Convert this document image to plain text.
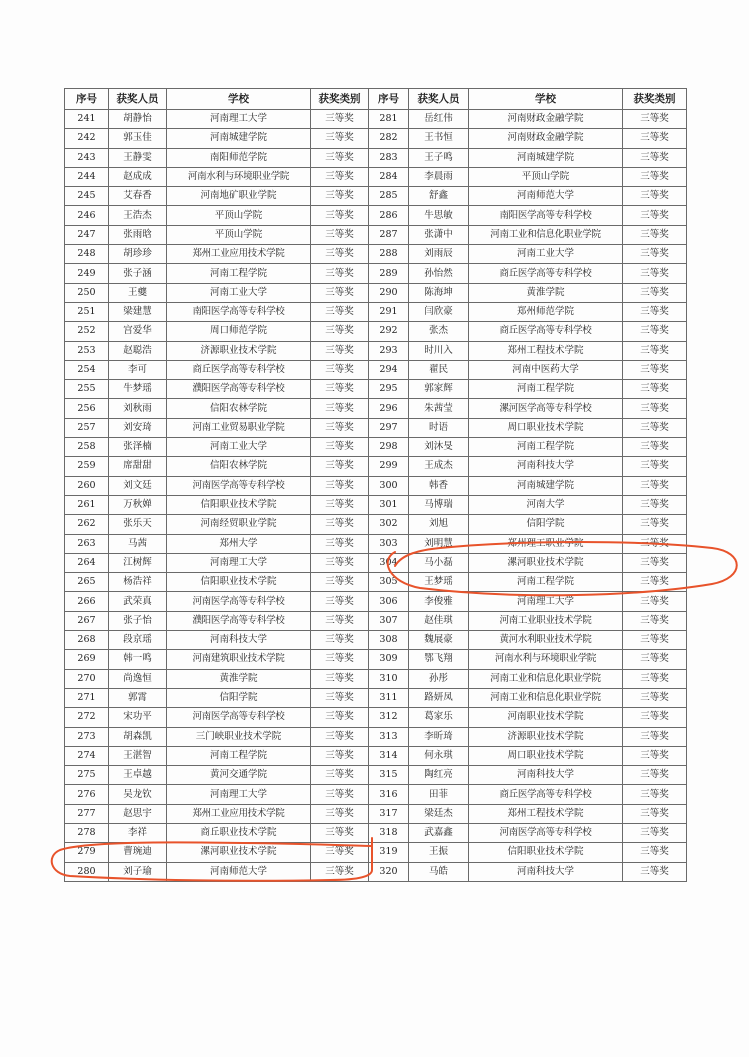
序号	获奖人员	学校	获奖类别	序号	获奖人员	学校	获奖类别
241	胡静怡	河南理工大学	三等奖	281	岳红伟	河南财政金融学院	三等奖
242	郭玉佳	河南城建学院	三等奖	282	王书恒	河南财政金融学院	三等奖
243	王静雯	南阳师范学院	三等奖	283	王子鸣	河南城建学院	三等奖
244	赵成成	河南水利与环境职业学院	三等奖	284	李晨雨	平顶山学院	三等奖
245	艾春香	河南地矿职业学院	三等奖	285	舒鑫	河南师范大学	三等奖
246	王浩杰	平顶山学院	三等奖	286	牛思敏	南阳医学高等专科学校	三等奖
247	张雨晗	平顶山学院	三等奖	287	张潇中	河南工业和信息化职业学院	三等奖
248	胡珍珍	郑州工业应用技术学院	三等奖	288	刘雨辰	河南工业大学	三等奖
249	张子涵	河南工程学院	三等奖	289	孙怡然	商丘医学高等专科学校	三等奖
250	王夔	河南工业大学	三等奖	290	陈海坤	黄淮学院	三等奖
251	梁建慧	南阳医学高等专科学校	三等奖	291	闫欣豪	郑州师范学院	三等奖
252	宫爱华	周口师范学院	三等奖	292	张杰	商丘医学高等专科学校	三等奖
253	赵聪浩	济源职业技术学院	三等奖	293	时川入	郑州工程技术学院	三等奖
254	李可	商丘医学高等专科学校	三等奖	294	翟民	河南中医药大学	三等奖
255	牛梦瑶	濮阳医学高等专科学校	三等奖	295	郭家辉	河南工程学院	三等奖
256	刘秋雨	信阳农林学院	三等奖	296	朱茜莹	漯河医学高等专科学校	三等奖
257	刘安琦	河南工业贸易职业学院	三等奖	297	时语	周口职业技术学院	三等奖
258	张泽楠	河南工业大学	三等奖	298	刘沐旻	河南工程学院	三等奖
259	席甜甜	信阳农林学院	三等奖	299	王成杰	河南科技大学	三等奖
260	刘文廷	河南医学高等专科学校	三等奖	300	韩香	河南城建学院	三等奖
261	万秋婵	信阳职业技术学院	三等奖	301	马博瑞	河南大学	三等奖
262	张乐天	河南经贸职业学院	三等奖	302	刘旭	信阳学院	三等奖
263	马茜	郑州大学	三等奖	303	刘明慧	郑州理工职业学院	三等奖
264	江树辉	河南理工大学	三等奖	304	马小磊	漯河职业技术学院	三等奖
265	杨浩祥	信阳职业技术学院	三等奖	305	王梦瑶	河南工程学院	三等奖
266	武荣真	河南医学高等专科学校	三等奖	306	李俊雅	河南理工大学	三等奖
267	张子怡	濮阳医学高等专科学校	三等奖	307	赵佳琪	河南工业职业技术学院	三等奖
268	段京瑶	河南科技大学	三等奖	308	魏展豪	黄河水利职业技术学院	三等奖
269	韩一鸣	河南建筑职业技术学院	三等奖	309	鄂飞翔	河南水利与环境职业学院	三等奖
270	尚逸恒	黄淮学院	三等奖	310	孙彤	河南工业和信息化职业学院	三等奖
271	郭霄	信阳学院	三等奖	311	路妍凤	河南工业和信息化职业学院	三等奖
272	宋功平	河南医学高等专科学校	三等奖	312	葛家乐	河南职业技术学院	三等奖
273	胡森凯	三门峡职业技术学院	三等奖	313	李昕琦	济源职业技术学院	三等奖
274	王湛智	河南工程学院	三等奖	314	何永琪	周口职业技术学院	三等奖
275	王卓越	黄河交通学院	三等奖	315	陶红亮	河南科技大学	三等奖
276	吴龙钦	河南理工大学	三等奖	316	田菲	商丘医学高等专科学校	三等奖
277	赵思宇	郑州工业应用技术学院	三等奖	317	梁廷杰	郑州工程技术学院	三等奖
278	李祥	商丘职业技术学院	三等奖	318	武嘉鑫	河南医学高等专科学校	三等奖
279	曹琬迪	漯河职业技术学院	三等奖	319	王振	信阳职业技术学院	三等奖
280	刘子瑜	河南师范大学	三等奖	320	马皓	河南科技大学	三等奖
